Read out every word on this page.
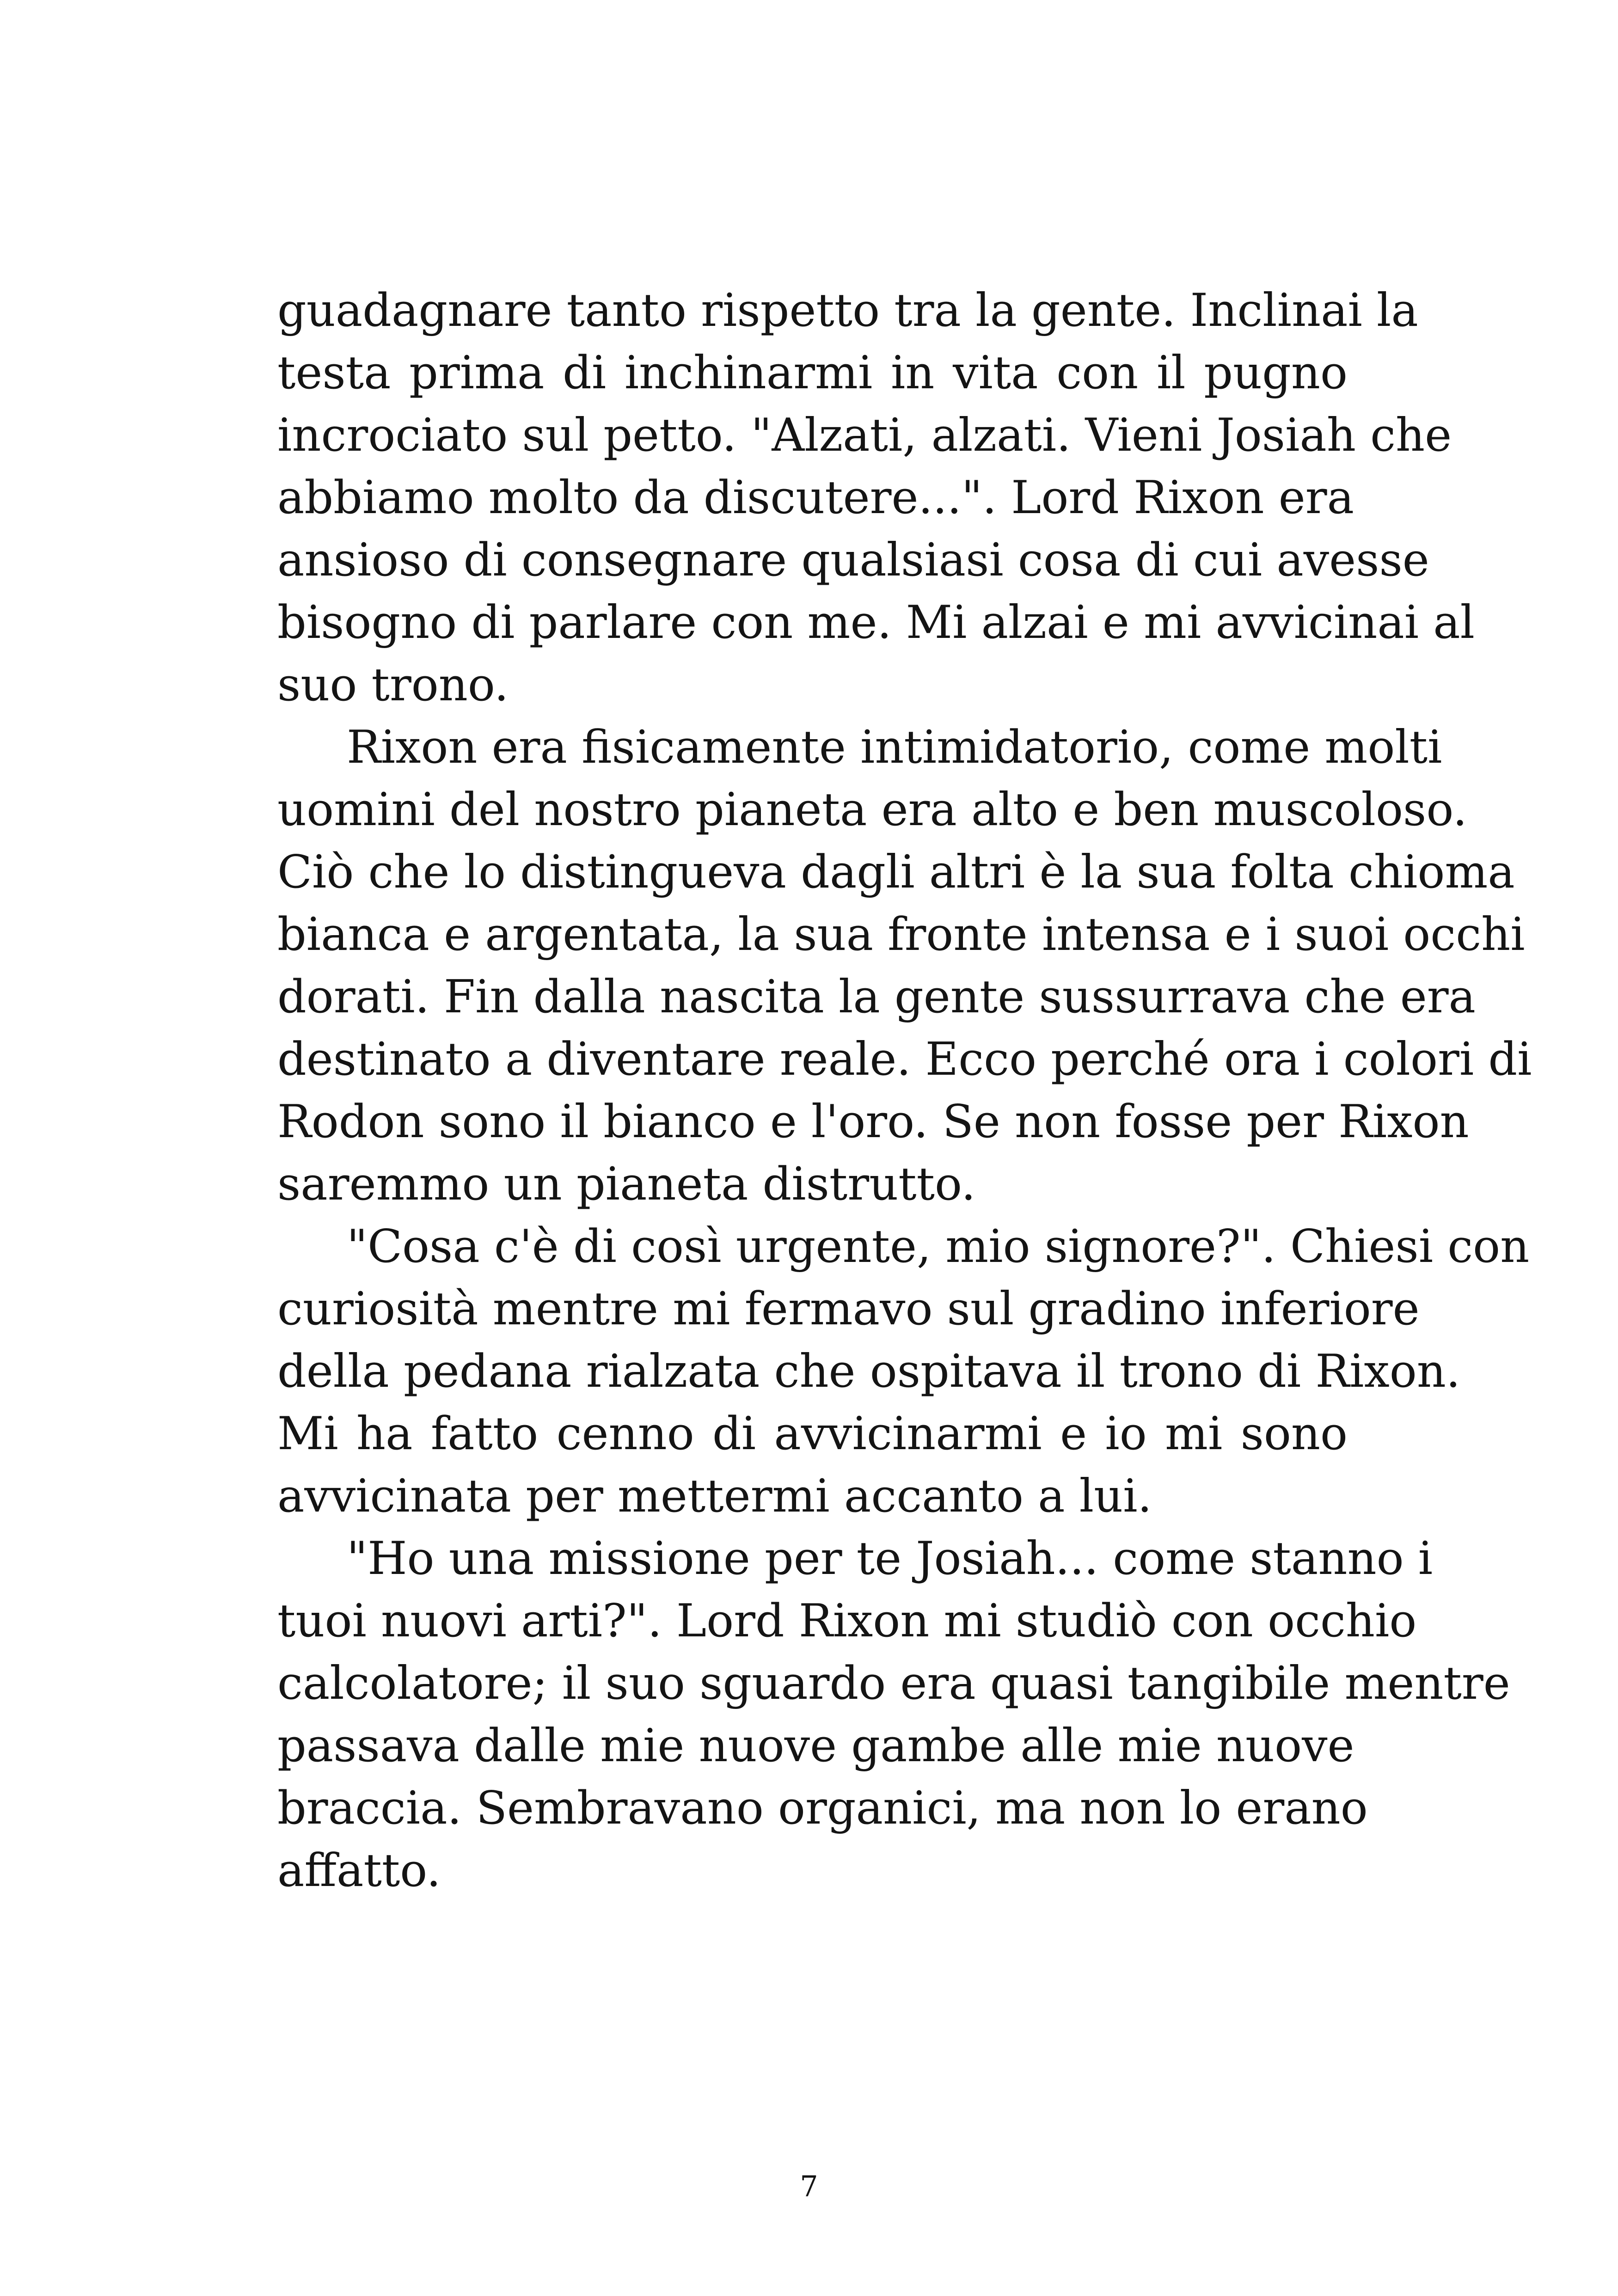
guadagnare tanto rispetto tra la gente. Inclinai la
testa prima di inchinarmi in vita con il pugno
incrociato sul petto. "Alzati, alzati. Vieni Josiah che
abbiamo molto da discutere...". Lord Rixon era
ansioso di consegnare qualsiasi cosa di cui avesse
bisogno di parlare con me. Mi alzai e mi avvicinai al
suo trono.
Rixon era fisicamente intimidatorio, come molti
uomini del nostro pianeta era alto e ben muscoloso.
Ciò che lo distingueva dagli altri è la sua folta chioma
bianca e argentata, la sua fronte intensa e i suoi occhi
dorati. Fin dalla nascita la gente sussurrava che era
destinato a diventare reale. Ecco perché ora i colori di
Rodon sono il bianco e l'oro. Se non fosse per Rixon
saremmo un pianeta distrutto.
"Cosa c'è di così urgente, mio signore?". Chiesi con
curiosità mentre mi fermavo sul gradino inferiore
della pedana rialzata che ospitava il trono di Rixon.
Mi ha fatto cenno di avvicinarmi e io mi sono
avvicinata per mettermi accanto a lui.
"Ho una missione per te Josiah... come stanno i
tuoi nuovi arti?". Lord Rixon mi studiò con occhio
calcolatore; il suo sguardo era quasi tangibile mentre
passava dalle mie nuove gambe alle mie nuove
braccia. Sembravano organici, ma non lo erano
affatto.
7
